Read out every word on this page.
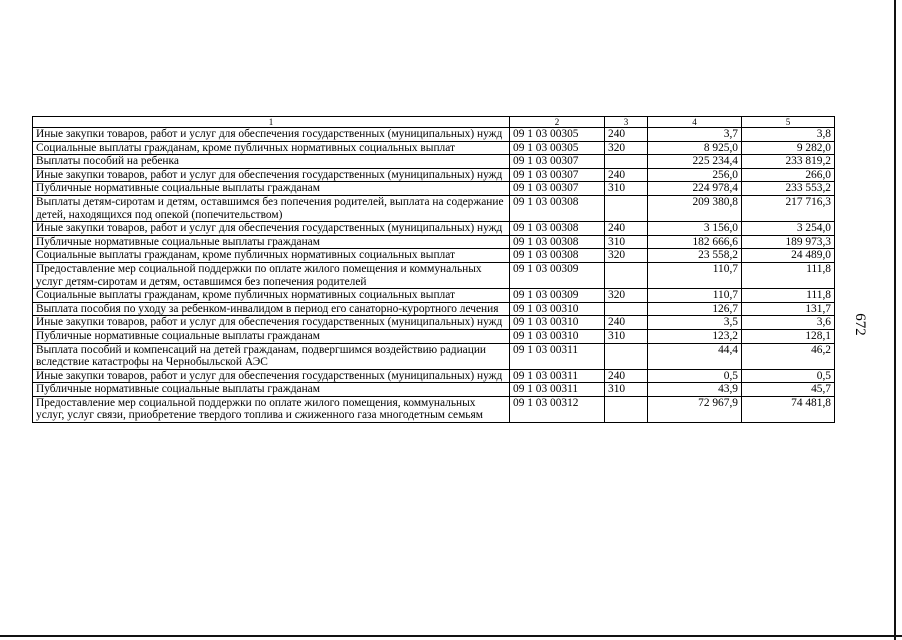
1	2	3	4	5
Иные закупки товаров, работ и услуг для обеспечения государственных (муниципальных) нужд	09 1 03 00305	240	3,7	3,8
Социальные выплаты гражданам, кроме публичных нормативных социальных выплат	09 1 03 00305	320	8 925,0	9 282,0
Выплаты пособий на ребенка	09 1 03 00307		225 234,4	233 819,2
Иные закупки товаров, работ и услуг для обеспечения государственных (муниципальных) нужд	09 1 03 00307	240	256,0	266,0
Публичные нормативные социальные выплаты гражданам	09 1 03 00307	310	224 978,4	233 553,2
Выплаты детям-сиротам и детям, оставшимся без попечения родителей, выплата на содержание детей, находящихся под опекой (попечительством)	09 1 03 00308		209 380,8	217 716,3
Иные закупки товаров, работ и услуг для обеспечения государственных (муниципальных) нужд	09 1 03 00308	240	3 156,0	3 254,0
Публичные нормативные социальные выплаты гражданам	09 1 03 00308	310	182 666,6	189 973,3
Социальные выплаты гражданам, кроме публичных нормативных социальных выплат	09 1 03 00308	320	23 558,2	24 489,0
Предоставление мер социальной поддержки по оплате жилого помещения и коммунальных услуг детям-сиротам и детям, оставшимся без попечения родителей	09 1 03 00309		110,7	111,8
Социальные выплаты гражданам, кроме публичных нормативных социальных выплат	09 1 03 00309	320	110,7	111,8
Выплата пособия по уходу за ребенком-инвалидом в период его санаторно-курортного лечения	09 1 03 00310		126,7	131,7
Иные закупки товаров, работ и услуг для обеспечения государственных (муниципальных) нужд	09 1 03 00310	240	3,5	3,6
Публичные нормативные социальные выплаты гражданам	09 1 03 00310	310	123,2	128,1
Выплата пособий и компенсаций на детей гражданам, подвергшимся воздействию радиации вследствие катастрофы на Чернобыльской АЭС	09 1 03 00311		44,4	46,2
Иные закупки товаров, работ и услуг для обеспечения государственных (муниципальных) нужд	09 1 03 00311	240	0,5	0,5
Публичные нормативные социальные выплаты гражданам	09 1 03 00311	310	43,9	45,7
Предоставление мер социальной поддержки по оплате жилого помещения, коммунальных услуг, услуг связи, приобретение твердого топлива и сжиженного газа многодетным семьям	09 1 03 00312		72 967,9	74 481,8
672
